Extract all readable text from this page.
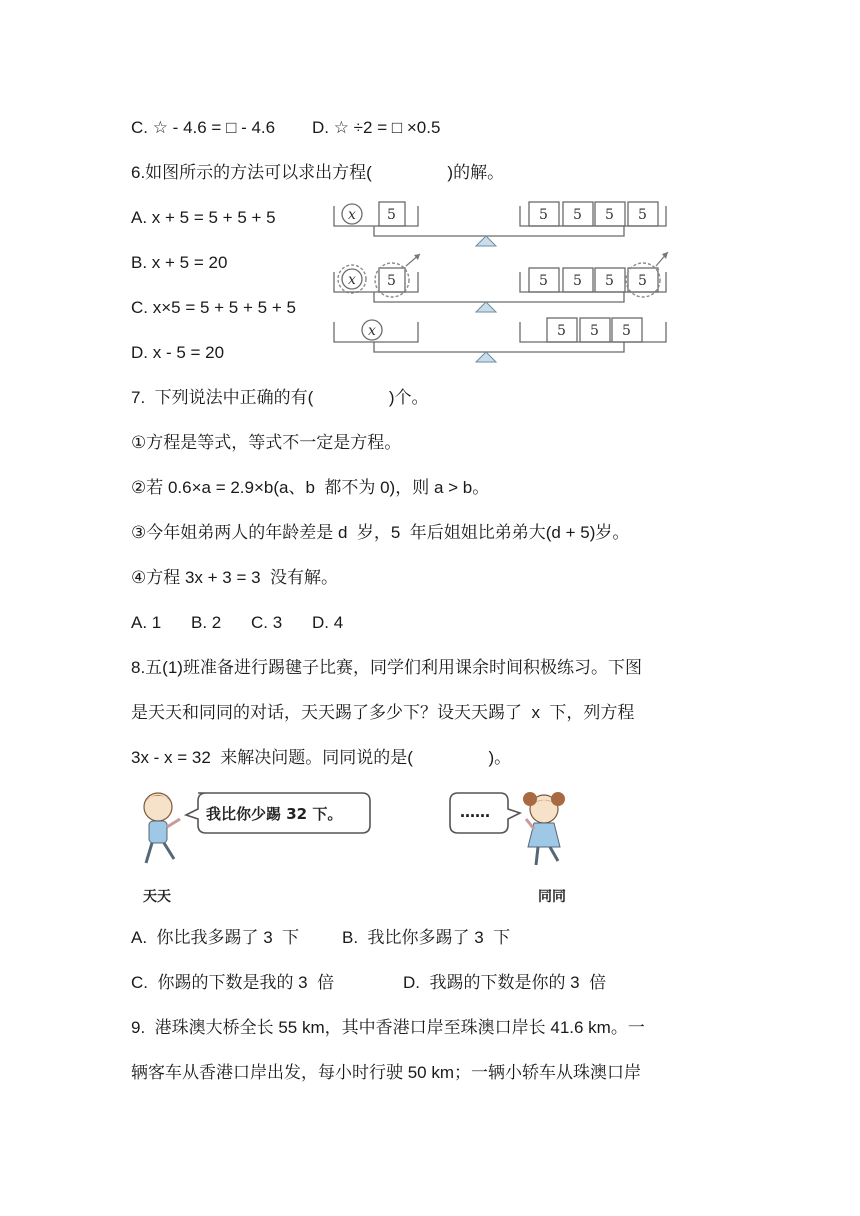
C. ☆ - 4.6 = □ - 4.6 D. ☆ ÷2 = □ ×0.5
6.如图所示的方法可以求出方程(                )的解。
A. x + 5 = 5 + 5 + 5
B. x + 5 = 20
C. x×5 = 5 + 5 + 5 + 5
D. x - 5 = 20
x 5	5 5 5 5
x 5	5 5 5 5
x	5 5 5
7.  下列说法中正确的有(                )个。
①方程是等式，等式不一定是方程。
②若 0.6×a = 2.9×b(a、b  都不为 0)，则 a > b。
③今年姐弟两人的年龄差是 d  岁，5  年后姐姐比弟弟大(d + 5)岁。
④方程 3x + 3 = 3  没有解。
A. 1 B. 2 C. 3 D. 4
8.五(1)班准备进行踢毽子比赛，同学们利用课余时间积极练习。下图
是天天和同同的对话，天天踢了多少下？设天天踢了  x  下，列方程
3x - x = 32  来解决问题。同同说的是(                )。
我比你少踢 32 下。
天天
……
同同
A.  你比我多踢了 3  下	B.  我比你多踢了 3  下
C.  你踢的下数是我的 3  倍	D.  我踢的下数是你的 3  倍
9.  港珠澳大桥全长 55 km，其中香港口岸至珠澳口岸长 41.6 km。一
辆客车从香港口岸出发，每小时行驶 50 km；一辆小轿车从珠澳口岸
